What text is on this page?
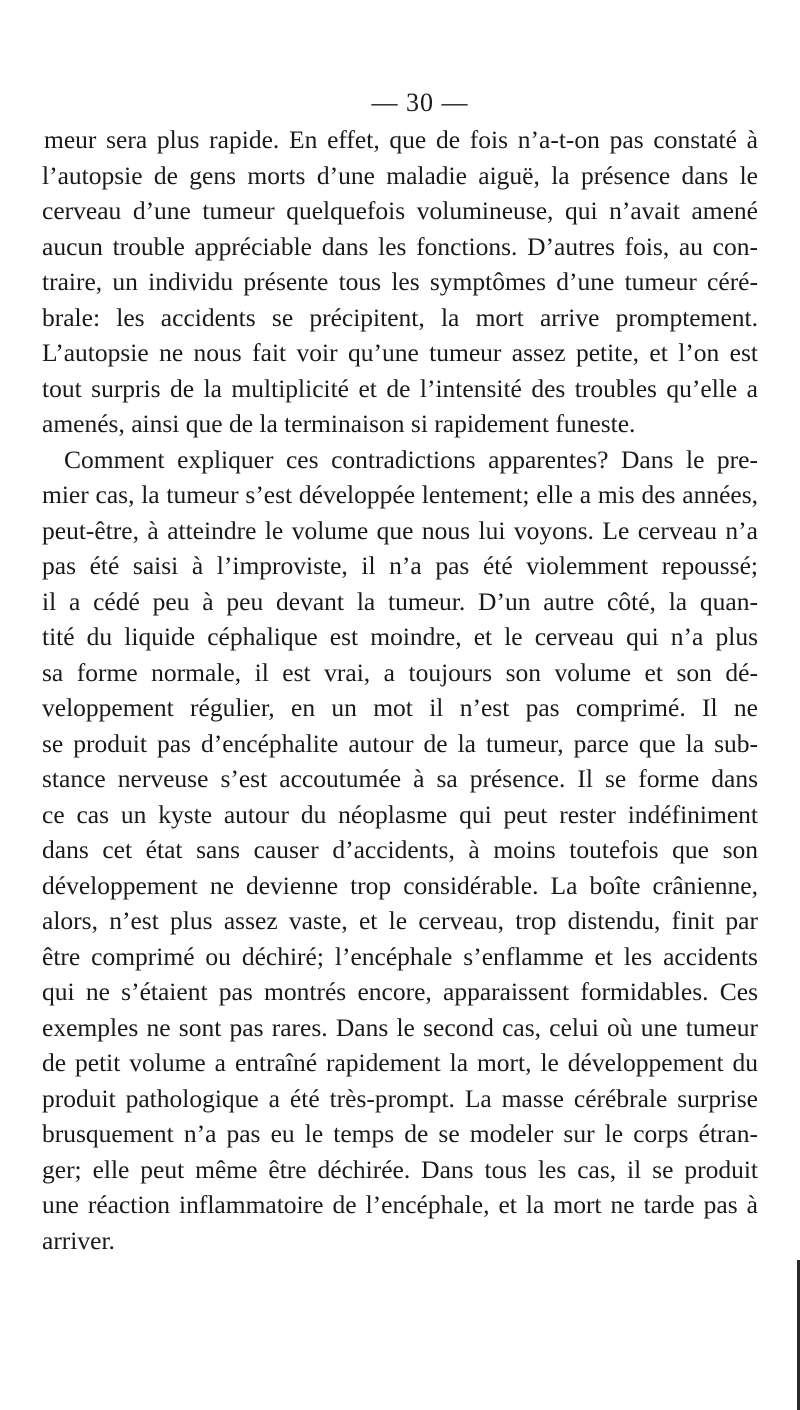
— 30 —
meur sera plus rapide. En effet, que de fois n’a-t-on pas constaté à
l’autopsie de gens morts d’une maladie aiguë, la présence dans le
cerveau d’une tumeur quelquefois volumineuse, qui n’avait amené
aucun trouble appréciable dans les fonctions. D’autres fois, au con-
traire, un individu présente tous les symptômes d’une tumeur céré-
brale: les accidents se précipitent, la mort arrive promptement.
L’autopsie ne nous fait voir qu’une tumeur assez petite, et l’on est
tout surpris de la multiplicité et de l’intensité des troubles qu’elle a
amenés, ainsi que de la terminaison si rapidement funeste.
Comment expliquer ces contradictions apparentes? Dans le pre-
mier cas, la tumeur s’est développée lentement; elle a mis des années,
peut-être, à atteindre le volume que nous lui voyons. Le cerveau n’a
pas été saisi à l’improviste, il n’a pas été violemment repoussé;
il a cédé peu à peu devant la tumeur. D’un autre côté, la quan-
tité du liquide céphalique est moindre, et le cerveau qui n’a plus
sa forme normale, il est vrai, a toujours son volume et son dé-
veloppement régulier, en un mot il n’est pas comprimé. Il ne
se produit pas d’encéphalite autour de la tumeur, parce que la sub-
stance nerveuse s’est accoutumée à sa présence. Il se forme dans
ce cas un kyste autour du néoplasme qui peut rester indéfiniment
dans cet état sans causer d’accidents, à moins toutefois que son
développement ne devienne trop considérable. La boîte crânienne,
alors, n’est plus assez vaste, et le cerveau, trop distendu, finit par
être comprimé ou déchiré; l’encéphale s’enflamme et les accidents
qui ne s’étaient pas montrés encore, apparaissent formidables. Ces
exemples ne sont pas rares. Dans le second cas, celui où une tumeur
de petit volume a entraîné rapidement la mort, le développement du
produit pathologique a été très-prompt. La masse cérébrale surprise
brusquement n’a pas eu le temps de se modeler sur le corps étran-
ger; elle peut même être déchirée. Dans tous les cas, il se produit
une réaction inflammatoire de l’encéphale, et la mort ne tarde pas à
arriver.
